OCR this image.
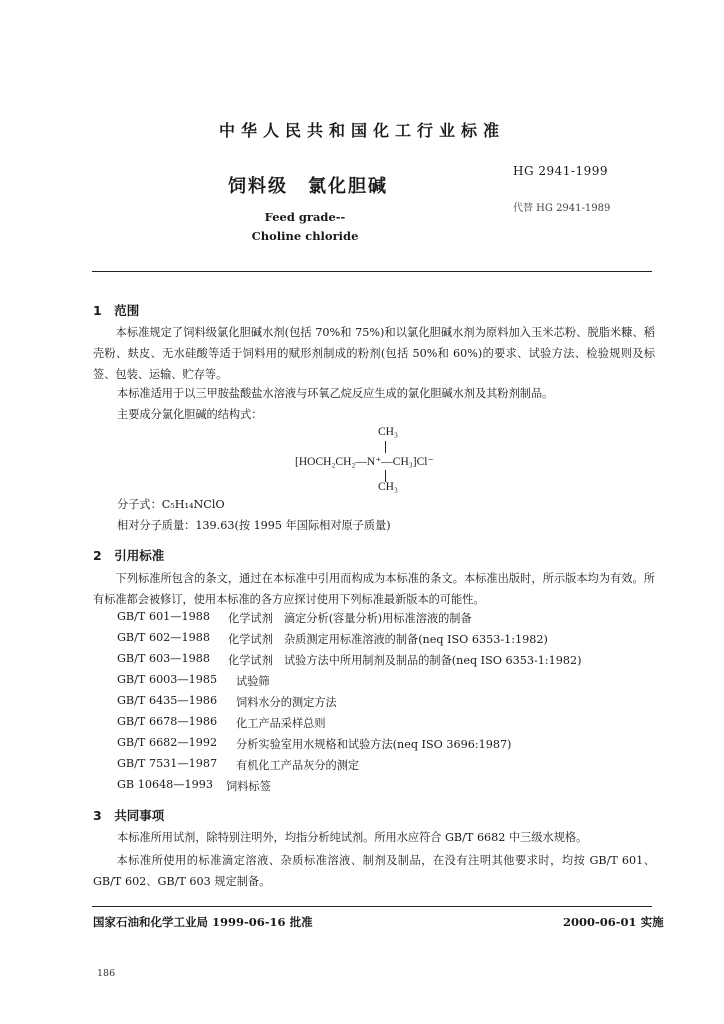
中华人民共和国化工行业标准
HG 2941-1999
饲料级　氯化胆碱
代替 HG 2941-1989
Feed grade--
Choline chloride
1　范围
　　本标准规定了饲料级氯化胆碱水剂(包括 70%和 75%)和以氯化胆碱水剂为原料加入玉米芯粉、脱脂米糠、稻壳粉、麸皮、无水硅酸等适于饲料用的赋形剂制成的粉剂(包括 50%和 60%)的要求、试验方法、检验规则及标签、包装、运输、贮存等。
本标准适用于以三甲胺盐酸盐水溶液与环氧乙烷反应生成的氯化胆碱水剂及其粉剂制品。
主要成分氯化胆碱的结构式：
CH₃
[HOCH₂CH₂—N⁺—CH₃]Cl⁻
CH₃
分子式：C₅H₁₄NClO
相对分子质量：139.63(按 1995 年国际相对原子质量)
2　引用标准
　　下列标准所包含的条文，通过在本标准中引用而构成为本标准的条文。本标准出版时，所示版本均为有效。所有标准都会被修订，使用本标准的各方应探讨使用下列标准最新版本的可能性。
GB/T 601—1988 化学试剂　滴定分析(容量分析)用标准溶液的制备
GB/T 602—1988 化学试剂　杂质测定用标准溶液的制备(neq ISO 6353-1:1982)
GB/T 603—1988 化学试剂　试验方法中所用制剂及制品的制备(neq ISO 6353-1:1982)
GB/T 6003—1985 试验筛
GB/T 6435—1986 饲料水分的测定方法
GB/T 6678—1986 化工产品采样总则
GB/T 6682—1992 分析实验室用水规格和试验方法(neq ISO 3696:1987)
GB/T 7531—1987 有机化工产品灰分的测定
GB 10648—1993 饲料标签
3　共同事项
本标准所用试剂，除特别注明外，均指分析纯试剂。所用水应符合 GB/T 6682 中三级水规格。
　　本标准所使用的标准滴定溶液、杂质标准溶液、制剂及制品，在没有注明其他要求时，均按 GB/T 601、GB/T 602、GB/T 603 规定制备。
国家石油和化学工业局 1999-06-16 批准	2000-06-01 实施
186
